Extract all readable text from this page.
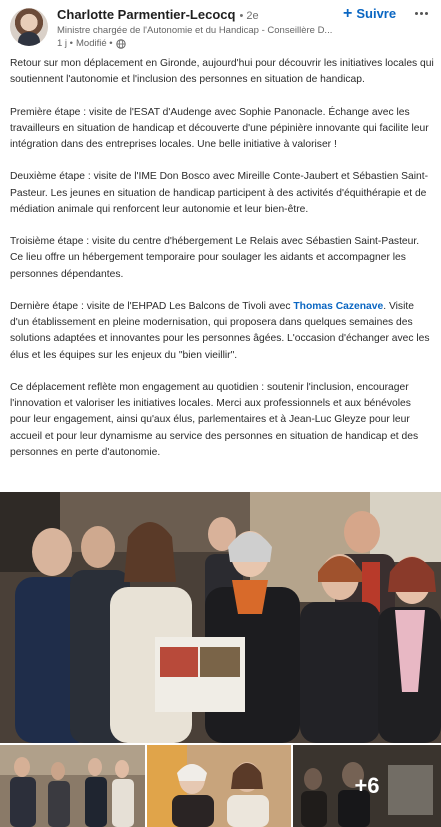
Charlotte Parmentier-Lecocq • 2e
Ministre chargée de l'Autonomie et du Handicap - Conseillère D...
1 j • Modifié •
+ Suivre

Retour sur mon déplacement en Gironde, aujourd'hui pour découvrir les initiatives locales qui soutiennent l'autonomie et l'inclusion des personnes en situation de handicap.

Première étape : visite de l'ESAT d'Audenge avec Sophie Panonacle. Échange avec les travailleurs en situation de handicap et découverte d'une pépinière innovante qui facilite leur intégration dans des entreprises locales. Une belle initiative à valoriser !

Deuxième étape : visite de l'IME Don Bosco avec Mireille Conte-Jaubert et Sébastien Saint-Pasteur. Les jeunes en situation de handicap participent à des activités d'équithérapie et de médiation animale qui renforcent leur autonomie et leur bien-être.

Troisième étape : visite du centre d'hébergement Le Relais avec Sébastien Saint-Pasteur. Ce lieu offre un hébergement temporaire pour soulager les aidants et accompagner les personnes dépendantes.

Dernière étape : visite de l'EHPAD Les Balcons de Tivoli avec Thomas Cazenave. Visite d'un établissement en pleine modernisation, qui proposera dans quelques semaines des solutions adaptées et innovantes pour les personnes âgées. L'occasion d'échanger avec les élus et les équipes sur les enjeux du "bien vieillir".

Ce déplacement reflète mon engagement au quotidien : soutenir l'inclusion, encourager l'innovation et valoriser les initiatives locales. Merci aux professionnels et aux bénévoles pour leur engagement, ainsi qu'aux élus, parlementaires et à Jean-Luc Gleyze pour leur accueil et pour leur dynamisme au service des personnes en situation de handicap et des personnes en perte d'autonomie.

+6
